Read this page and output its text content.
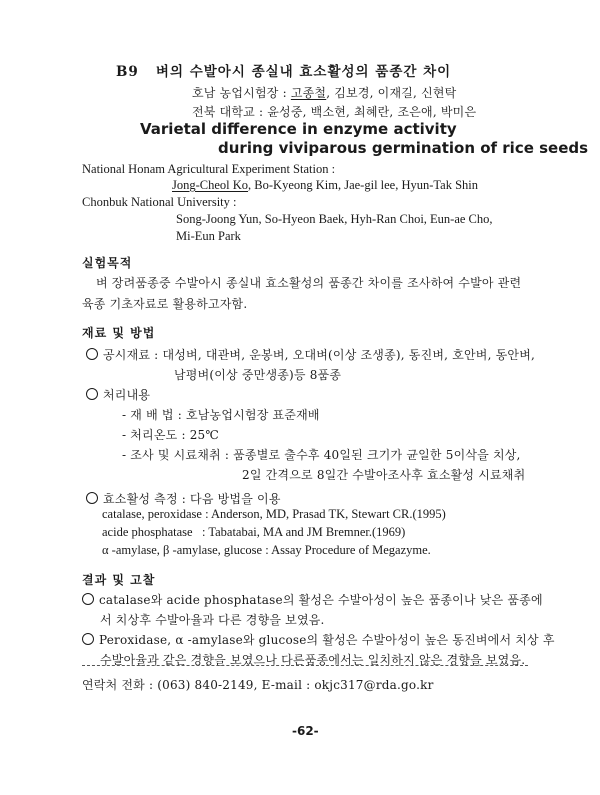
B9 벼의 수발아시 종실내 효소활성의 품종간 차이
호남 농업시험장 : 고종철, 김보경, 이재길, 신현탁
전북 대학교 : 윤성중, 백소현, 최혜란, 조은애, 박미은
Varietal difference in enzyme activity
during viviparous germination of rice seeds
National Honam Agricultural Experiment Station :
Jong-Cheol Ko, Bo-Kyeong Kim, Jae-gil lee, Hyun-Tak Shin
Chonbuk National University :
Song-Joong Yun, So-Hyeon Baek, Hyh-Ran Choi, Eun-ae Cho,
Mi-Eun Park
실험목적
벼 장려품종중 수발아시 종실내 효소활성의 품종간 차이를 조사하여 수발아 관련
육종 기초자료로 활용하고자함.
재료 및 방법
공시재료 : 대성벼, 대관벼, 운봉벼, 오대벼(이상 조생종), 동진벼, 호안벼, 동안벼,
남평벼(이상 중만생종)등 8품종
처리내용
- 재 배 법 : 호남농업시험장 표준재배
- 처리온도 : 25℃
- 조사 및 시료채취 : 품종별로 출수후 40일된 크기가 균일한 5이삭을 치상,
2일 간격으로 8일간 수발아조사후 효소활성 시료채취
효소활성 측정 : 다음 방법을 이용
catalase, peroxidase : Anderson, MD, Prasad TK, Stewart CR.(1995)
acide phosphatase   : Tabatabai, MA and JM Bremner.(1969)
α -amylase, β -amylase, glucose : Assay Procedure of Megazyme.
결과 및 고찰
catalase와 acide phosphatase의 활성은 수발아성이 높은 품종이나 낮은 품종에
서 치상후 수발아율과 다른 경향을 보였음.
Peroxidase, α -amylase와 glucose의 활성은 수발아성이 높은 동진벼에서 치상 후
수발아율과 같은 경향을 보였으나 다른품종에서는 일치하지 않은 경향을 보였음.
연락처 전화 : (063) 840-2149, E-mail : okjc317@rda.go.kr
-62-
